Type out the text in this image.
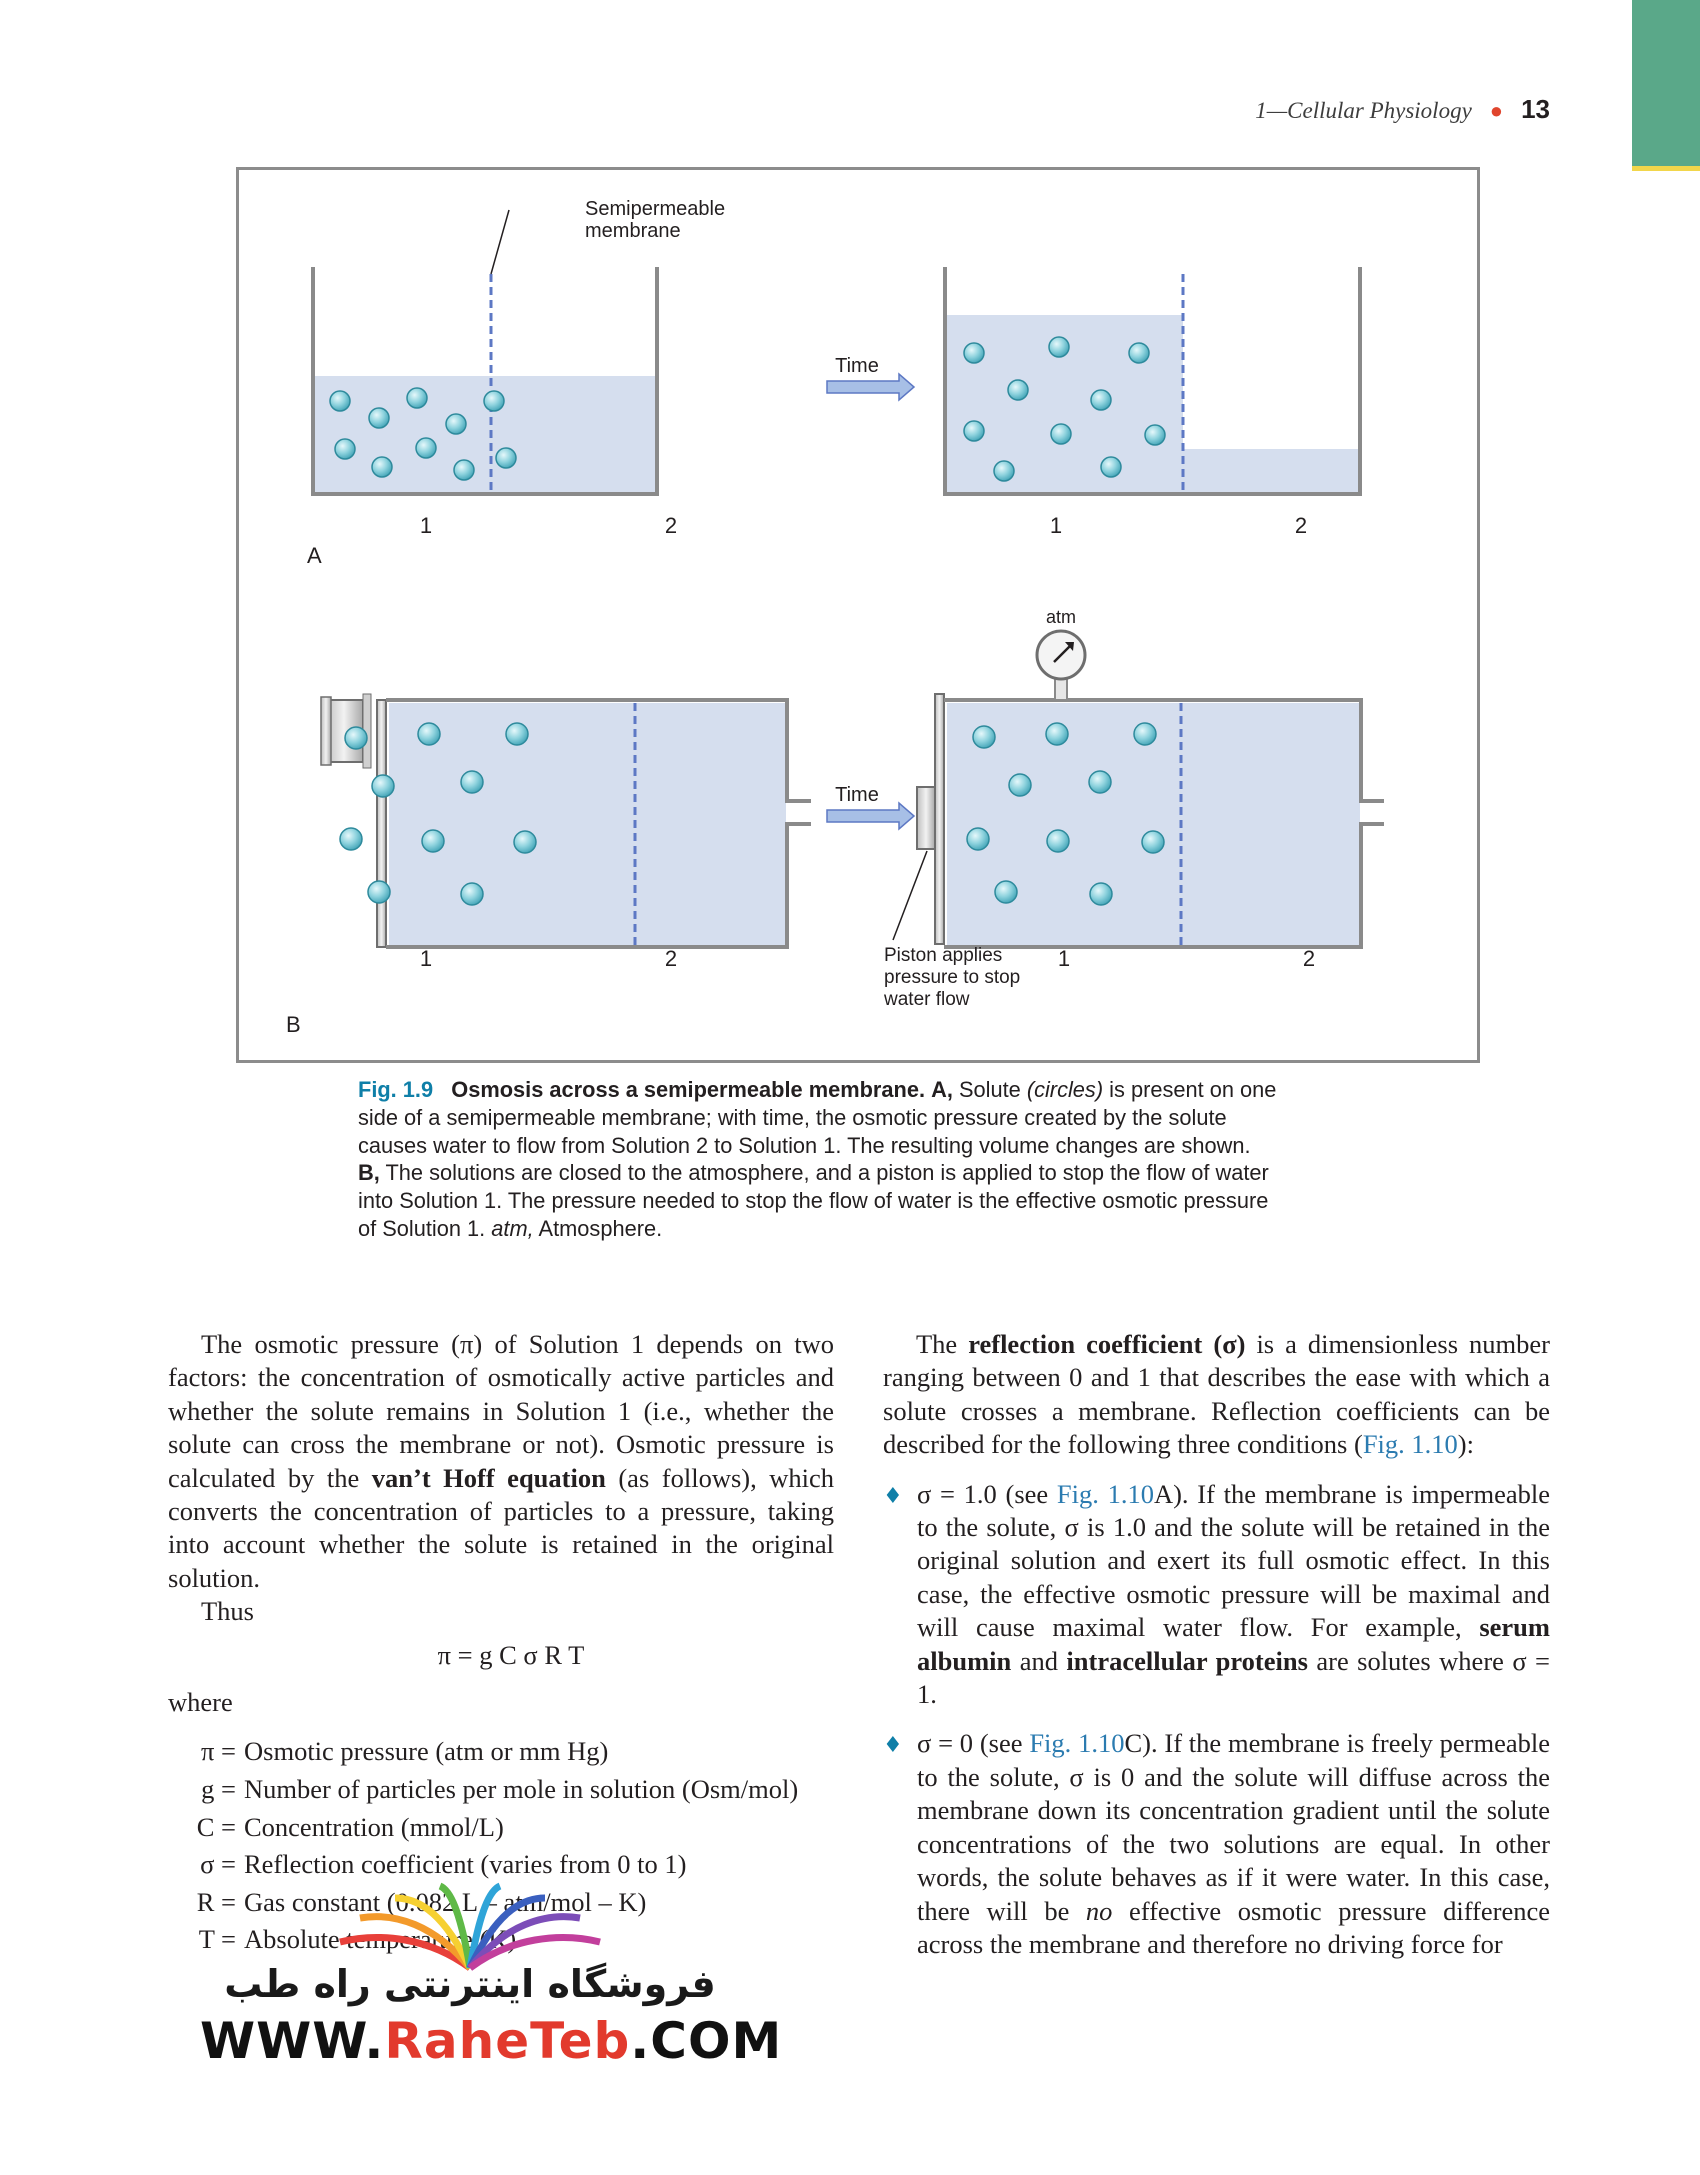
1—Cellular Physiology ● 13
Semipermeable
membrane
1	2
A
Time
1	2
1	2
B
Time
atm
Piston applies
pressure to stop
water flow
1	2
Fig. 1.9 Osmosis across a semipermeable membrane. A, Solute (circles) is present on one
side of a semipermeable membrane; with time, the osmotic pressure created by the solute
causes water to flow from Solution 2 to Solution 1. The resulting volume changes are shown.
B, The solutions are closed to the atmosphere, and a piston is applied to stop the flow of water
into Solution 1. The pressure needed to stop the flow of water is the effective osmotic pressure
of Solution 1. atm, Atmosphere.

The osmotic pressure (π) of Solution 1 depends on two factors: the concentration of osmotically active particles and whether the solute remains in Solution 1 (i.e., whether the solute can cross the membrane or not). Osmotic pressure is calculated by the van’t Hoff equation (as follows), which converts the concentration of particles to a pressure, taking into account whether the solute is retained in the original solution.

Thus

π = g C σ R T

where

π = Osmotic pressure (atm or mm Hg)
g = Number of particles per mole in solution (Osm/mol)
C = Concentration (mmol/L)
σ = Reflection coefficient (varies from 0 to 1)
R = Gas constant (0.082 L – atm/mol – K)
T = Absolute temperature (K)

The reflection coefficient (σ) is a dimensionless number ranging between 0 and 1 that describes the ease with which a solute crosses a membrane. Reflection coefficients can be described for the following three conditions (Fig. 1.10):

♦ σ = 1.0 (see Fig. 1.10A). If the membrane is impermeable to the solute, σ is 1.0 and the solute will be retained in the original solution and exert its full osmotic effect. In this case, the effective osmotic pressure will be maximal and will cause maximal water flow. For example, serum albumin and intracellular proteins are solutes where σ = 1.
♦ σ = 0 (see Fig. 1.10C). If the membrane is freely permeable to the solute, σ is 0 and the solute will diffuse across the membrane down its concentration gradient until the solute concentrations of the two solutions are equal. In other words, the solute behaves as if it were water. In this case, there will be no effective osmotic pressure difference across the membrane and therefore no driving force for
فروشگاه اینترنتی راه طب
WWW.RaheTeb.COM
